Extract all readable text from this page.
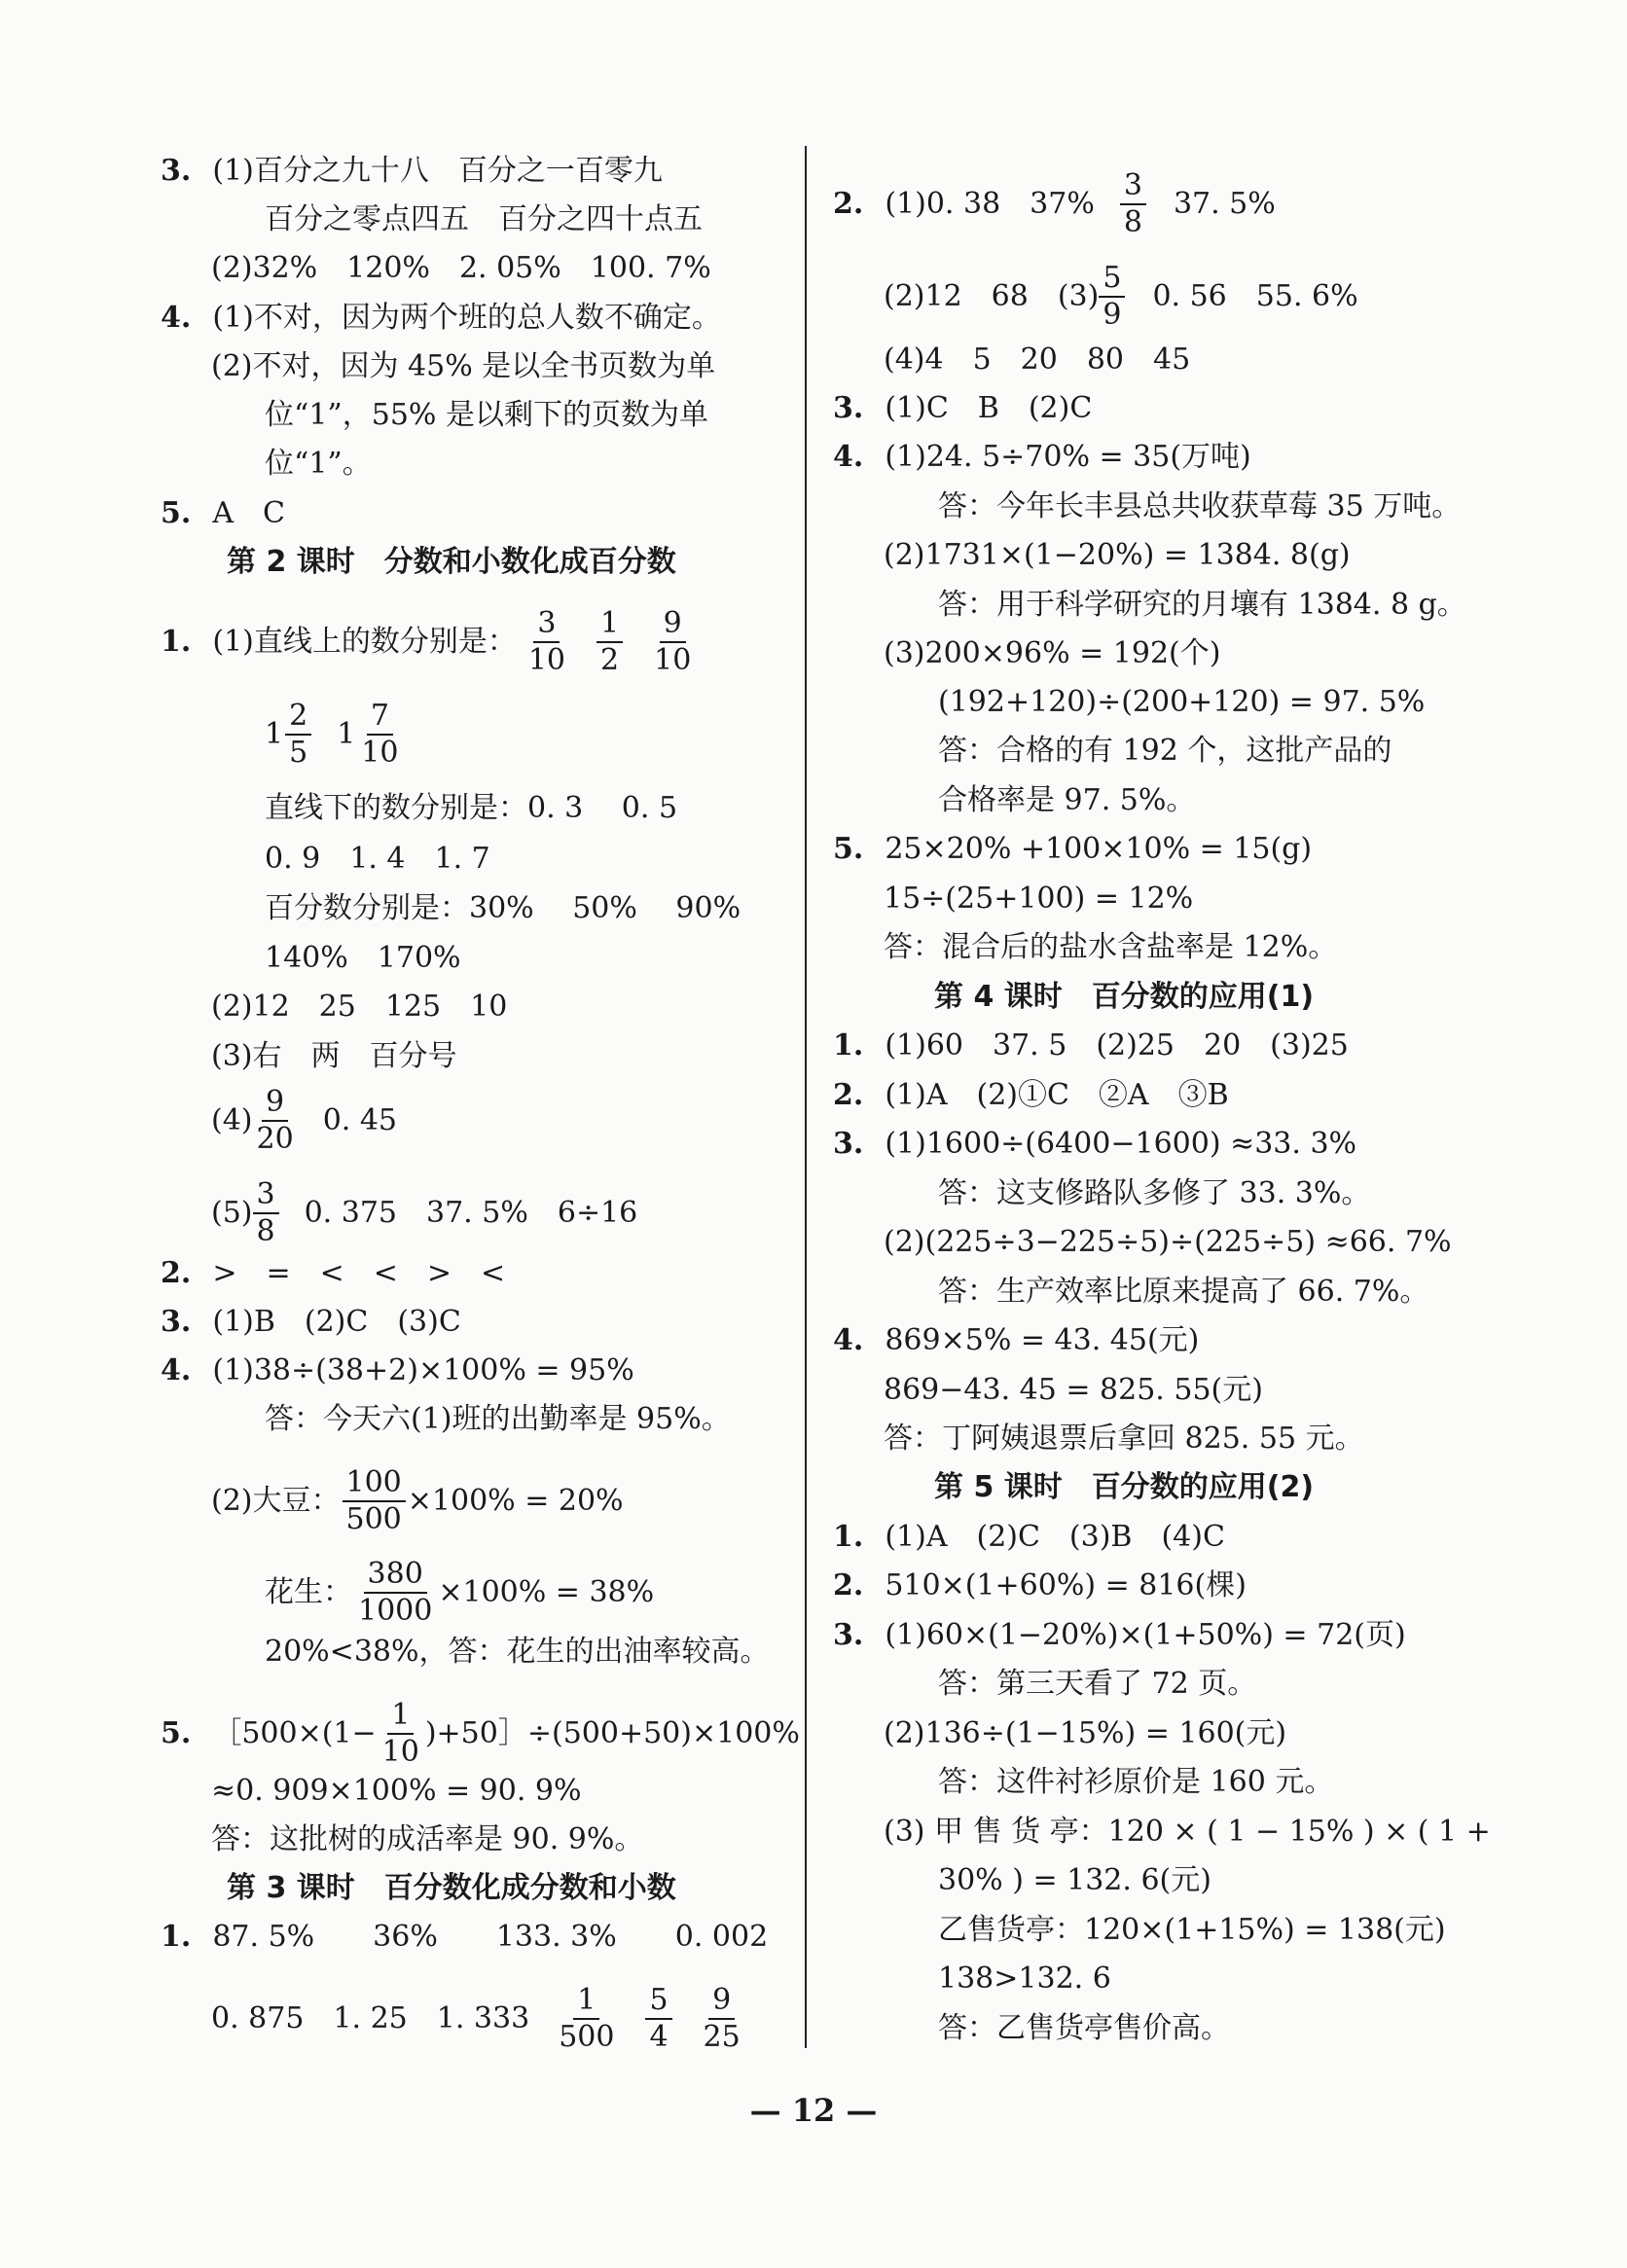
3. (1)百分之九十八　百分之一百零九
百分之零点四五　百分之四十点五
(2)32%　120%　2. 05%　100. 7%
4. (1)不对，因为两个班的总人数不确定。
(2)不对，因为 45% 是以全书页数为单
位“1”，55% 是以剩下的页数为单
位“1”。
5. A　C
第 2 课时　分数和小数化成百分数
1. (1)直线上的数分别是： $\frac{3}{10} \frac{1}{2} \frac{9}{10}$
$1 \frac{2}{5} 1 \frac{7}{10}$
直线下的数分别是：0. 3　 0. 5
0. 9　1. 4　1. 7
百分数分别是：30%　 50%　 90%
140%　170%
(2)12　25　125　10
(3)右　两　百分号
$(4) \frac{9}{20} 0$. 45
$(5) \frac{3}{8} 0$. 375　37. 5%　6÷16
2. >　=　<　<　>　<
3. (1)B　(2)C　(3)C
4. (1)38÷(38+2)×100% = 95%
答：今天六(1)班的出勤率是 95%。
(2)大豆： $\frac{100}{500} \times 100\% = 20\%$
花生： $\frac{380}{1000} \times 100\% = 38\%$
20%<38%，答：花生的出油率较高。
5. ［500×(1− $\frac{1}{10}$ )+50］÷(500+50)×100%
≈0. 909×100% = 90. 9%
答：这批树的成活率是 90. 9%。
第 3 课时　百分数化成分数和小数
1. 87. 5%　　36%　　133. 3%　　0. 002
0. 875　1. 25　1. $333 \frac{1}{500} \frac{5}{4} \frac{9}{25}$
2. (1)0. 38　$37\% \frac{3}{8} 37$. 5%
(2)12　68　$(3) \frac{5}{9} 0$. 56　55. 6%
(4)4　5　20　80　45
3. (1)C　B　(2)C
4. (1)24. 5÷70% = 35(万吨)
答：今年长丰县总共收获草莓 35 万吨。
(2)1731×(1−20%) = 1384. 8(g)
答：用于科学研究的月壤有 1384. 8 g。
(3)200×96% = 192(个)
(192+120)÷(200+120) = 97. 5%
答：合格的有 192 个，这批产品的
合格率是 97. 5%。
5. 25×20% +100×10% = 15(g)
15÷(25+100) = 12%
答：混合后的盐水含盐率是 12%。
第 4 课时　百分数的应用(1)
1. (1)60　37. 5　(2)25　20　(3)25
2. (1)A　(2)①C　②A　③B
3. (1)1600÷(6400−1600) ≈33. 3%
答：这支修路队多修了 33. 3%。
(2)(225÷3−225÷5)÷(225÷5) ≈66. 7%
答：生产效率比原来提高了 66. 7%。
4. 869×5% = 43. 45(元)
869−43. 45 = 825. 55(元)
答：丁阿姨退票后拿回 825. 55 元。
第 5 课时　百分数的应用(2)
1. (1)A　(2)C　(3)B　(4)C
2. 510×(1+60%) = 816(棵)
3. (1)60×(1−20%)×(1+50%) = 72(页)
答：第三天看了 72 页。
(2)136÷(1−15%) = 160(元)
答：这件衬衫原价是 160 元。
(3) 甲 售 货 亭：120 × ( 1 − 15% ) × ( 1 +
30% ) = 132. 6(元)
乙售货亭：120×(1+15%) = 138(元)
138>132. 6
答：乙售货亭售价高。
— 12 —
